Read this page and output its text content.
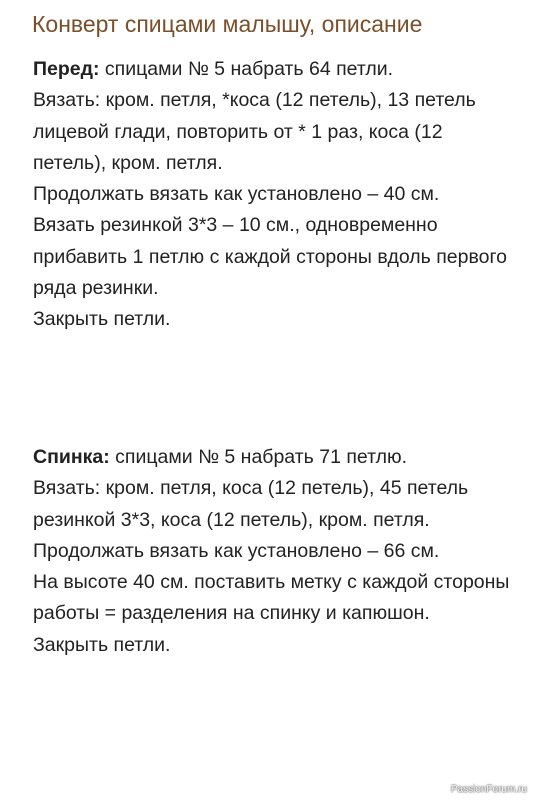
Конверт спицами малышу, описание

Перед: спицами № 5 набрать 64 петли.

Вязать: кром. петля, *коса (12 петель), 13 петель лицевой глади, повторить от * 1 раз, коса (12 петель), кром. петля.

Продолжать вязать как установлено – 40 см.

Вязать резинкой 3*3 – 10 см., одновременно прибавить 1 петлю с каждой стороны вдоль первого ряда резинки.

Закрыть петли.

Спинка: спицами № 5 набрать 71 петлю.

Вязать: кром. петля, коса (12 петель), 45 петель резинкой 3*3, коса (12 петель), кром. петля.

Продолжать вязать как установлено – 66 см.

На высоте 40 см. поставить метку с каждой стороны работы = разделения на спинку и капюшон.

Закрыть петли.

PassionForum.ru
